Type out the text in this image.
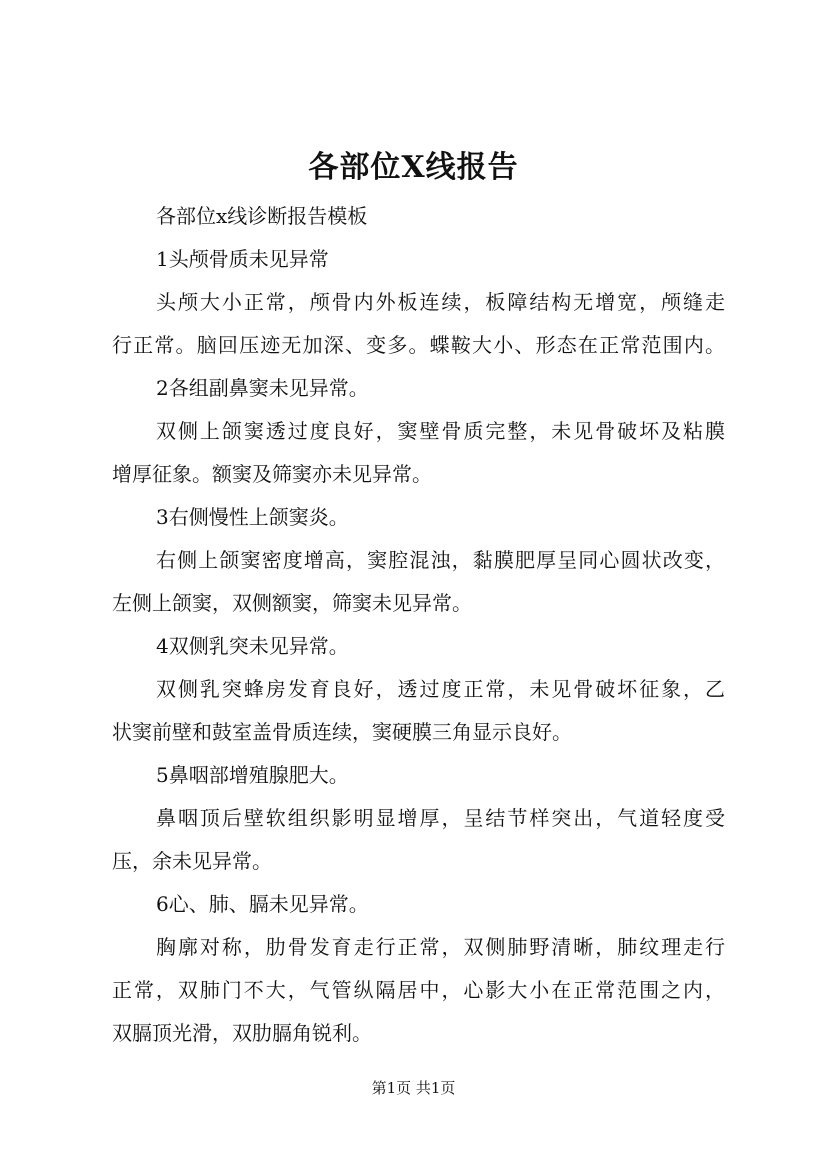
各部位X线报告
各部位x线诊断报告模板
1头颅骨质未见异常
头颅大小正常，颅骨内外板连续，板障结构无增宽，颅缝走
行正常。脑回压迹无加深、变多。蝶鞍大小、形态在正常范围内。
2各组副鼻窦未见异常。
双侧上颌窦透过度良好，窦壁骨质完整，未见骨破坏及粘膜
增厚征象。额窦及筛窦亦未见异常。
3右侧慢性上颌窦炎。
右侧上颌窦密度增高，窦腔混浊，黏膜肥厚呈同心圆状改变，
左侧上颌窦，双侧额窦，筛窦未见异常。
4双侧乳突未见异常。
双侧乳突蜂房发育良好，透过度正常，未见骨破坏征象，乙
状窦前壁和鼓室盖骨质连续，窦硬膜三角显示良好。
5鼻咽部增殖腺肥大。
鼻咽顶后壁软组织影明显增厚，呈结节样突出，气道轻度受
压，余未见异常。
6心、肺、膈未见异常。
胸廓对称，肋骨发育走行正常，双侧肺野清晰，肺纹理走行
正常，双肺门不大，气管纵隔居中，心影大小在正常范围之内，
双膈顶光滑，双肋膈角锐利。
第1页 共1页
